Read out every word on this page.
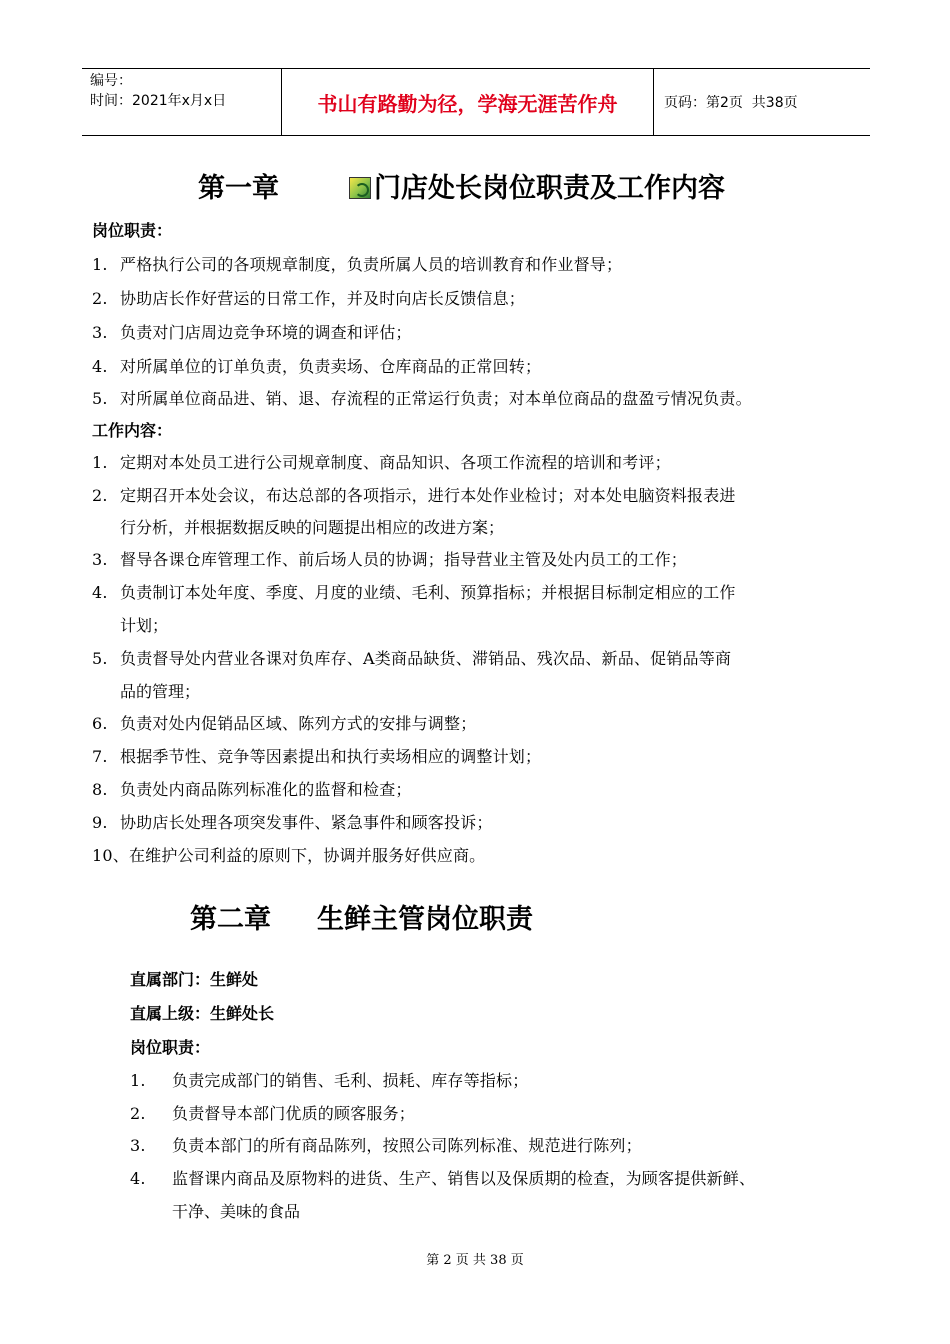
编号：
时间：2021年x月x日	书山有路勤为径，学海无涯苦作舟	页码：第2页  共38页
第一章	门店处长岗位职责及工作内容
岗位职责：
1. 严格执行公司的各项规章制度，负责所属人员的培训教育和作业督导；
2. 协助店长作好营运的日常工作，并及时向店长反馈信息；
3. 负责对门店周边竞争环境的调查和评估；
4. 对所属单位的订单负责，负责卖场、仓库商品的正常回转；
5. 对所属单位商品进、销、退、存流程的正常运行负责；对本单位商品的盘盈亏情况负责。
工作内容：
1. 定期对本处员工进行公司规章制度、商品知识、各项工作流程的培训和考评；
2. 定期召开本处会议，布达总部的各项指示，进行本处作业检讨；对本处电脑资料报表进
行分析，并根据数据反映的问题提出相应的改进方案；
3. 督导各课仓库管理工作、前后场人员的协调；指导营业主管及处内员工的工作；
4. 负责制订本处年度、季度、月度的业绩、毛利、预算指标；并根据目标制定相应的工作
计划；
5. 负责督导处内营业各课对负库存、A类商品缺货、滞销品、残次品、新品、促销品等商
品的管理；
6. 负责对处内促销品区域、陈列方式的安排与调整；
7. 根据季节性、竞争等因素提出和执行卖场相应的调整计划；
8. 负责处内商品陈列标准化的监督和检查；
9. 协助店长处理各项突发事件、紧急事件和顾客投诉；
10、在维护公司利益的原则下，协调并服务好供应商。
第二章 生鲜主管岗位职责
直属部门：生鲜处
直属上级：生鲜处长
岗位职责：
1. 负责完成部门的销售、毛利、损耗、库存等指标；
2. 负责督导本部门优质的顾客服务；
3. 负责本部门的所有商品陈列，按照公司陈列标准、规范进行陈列；
4. 监督课内商品及原物料的进货、生产、销售以及保质期的检查，为顾客提供新鲜、
干净、美味的食品
第 2 页 共 38 页
